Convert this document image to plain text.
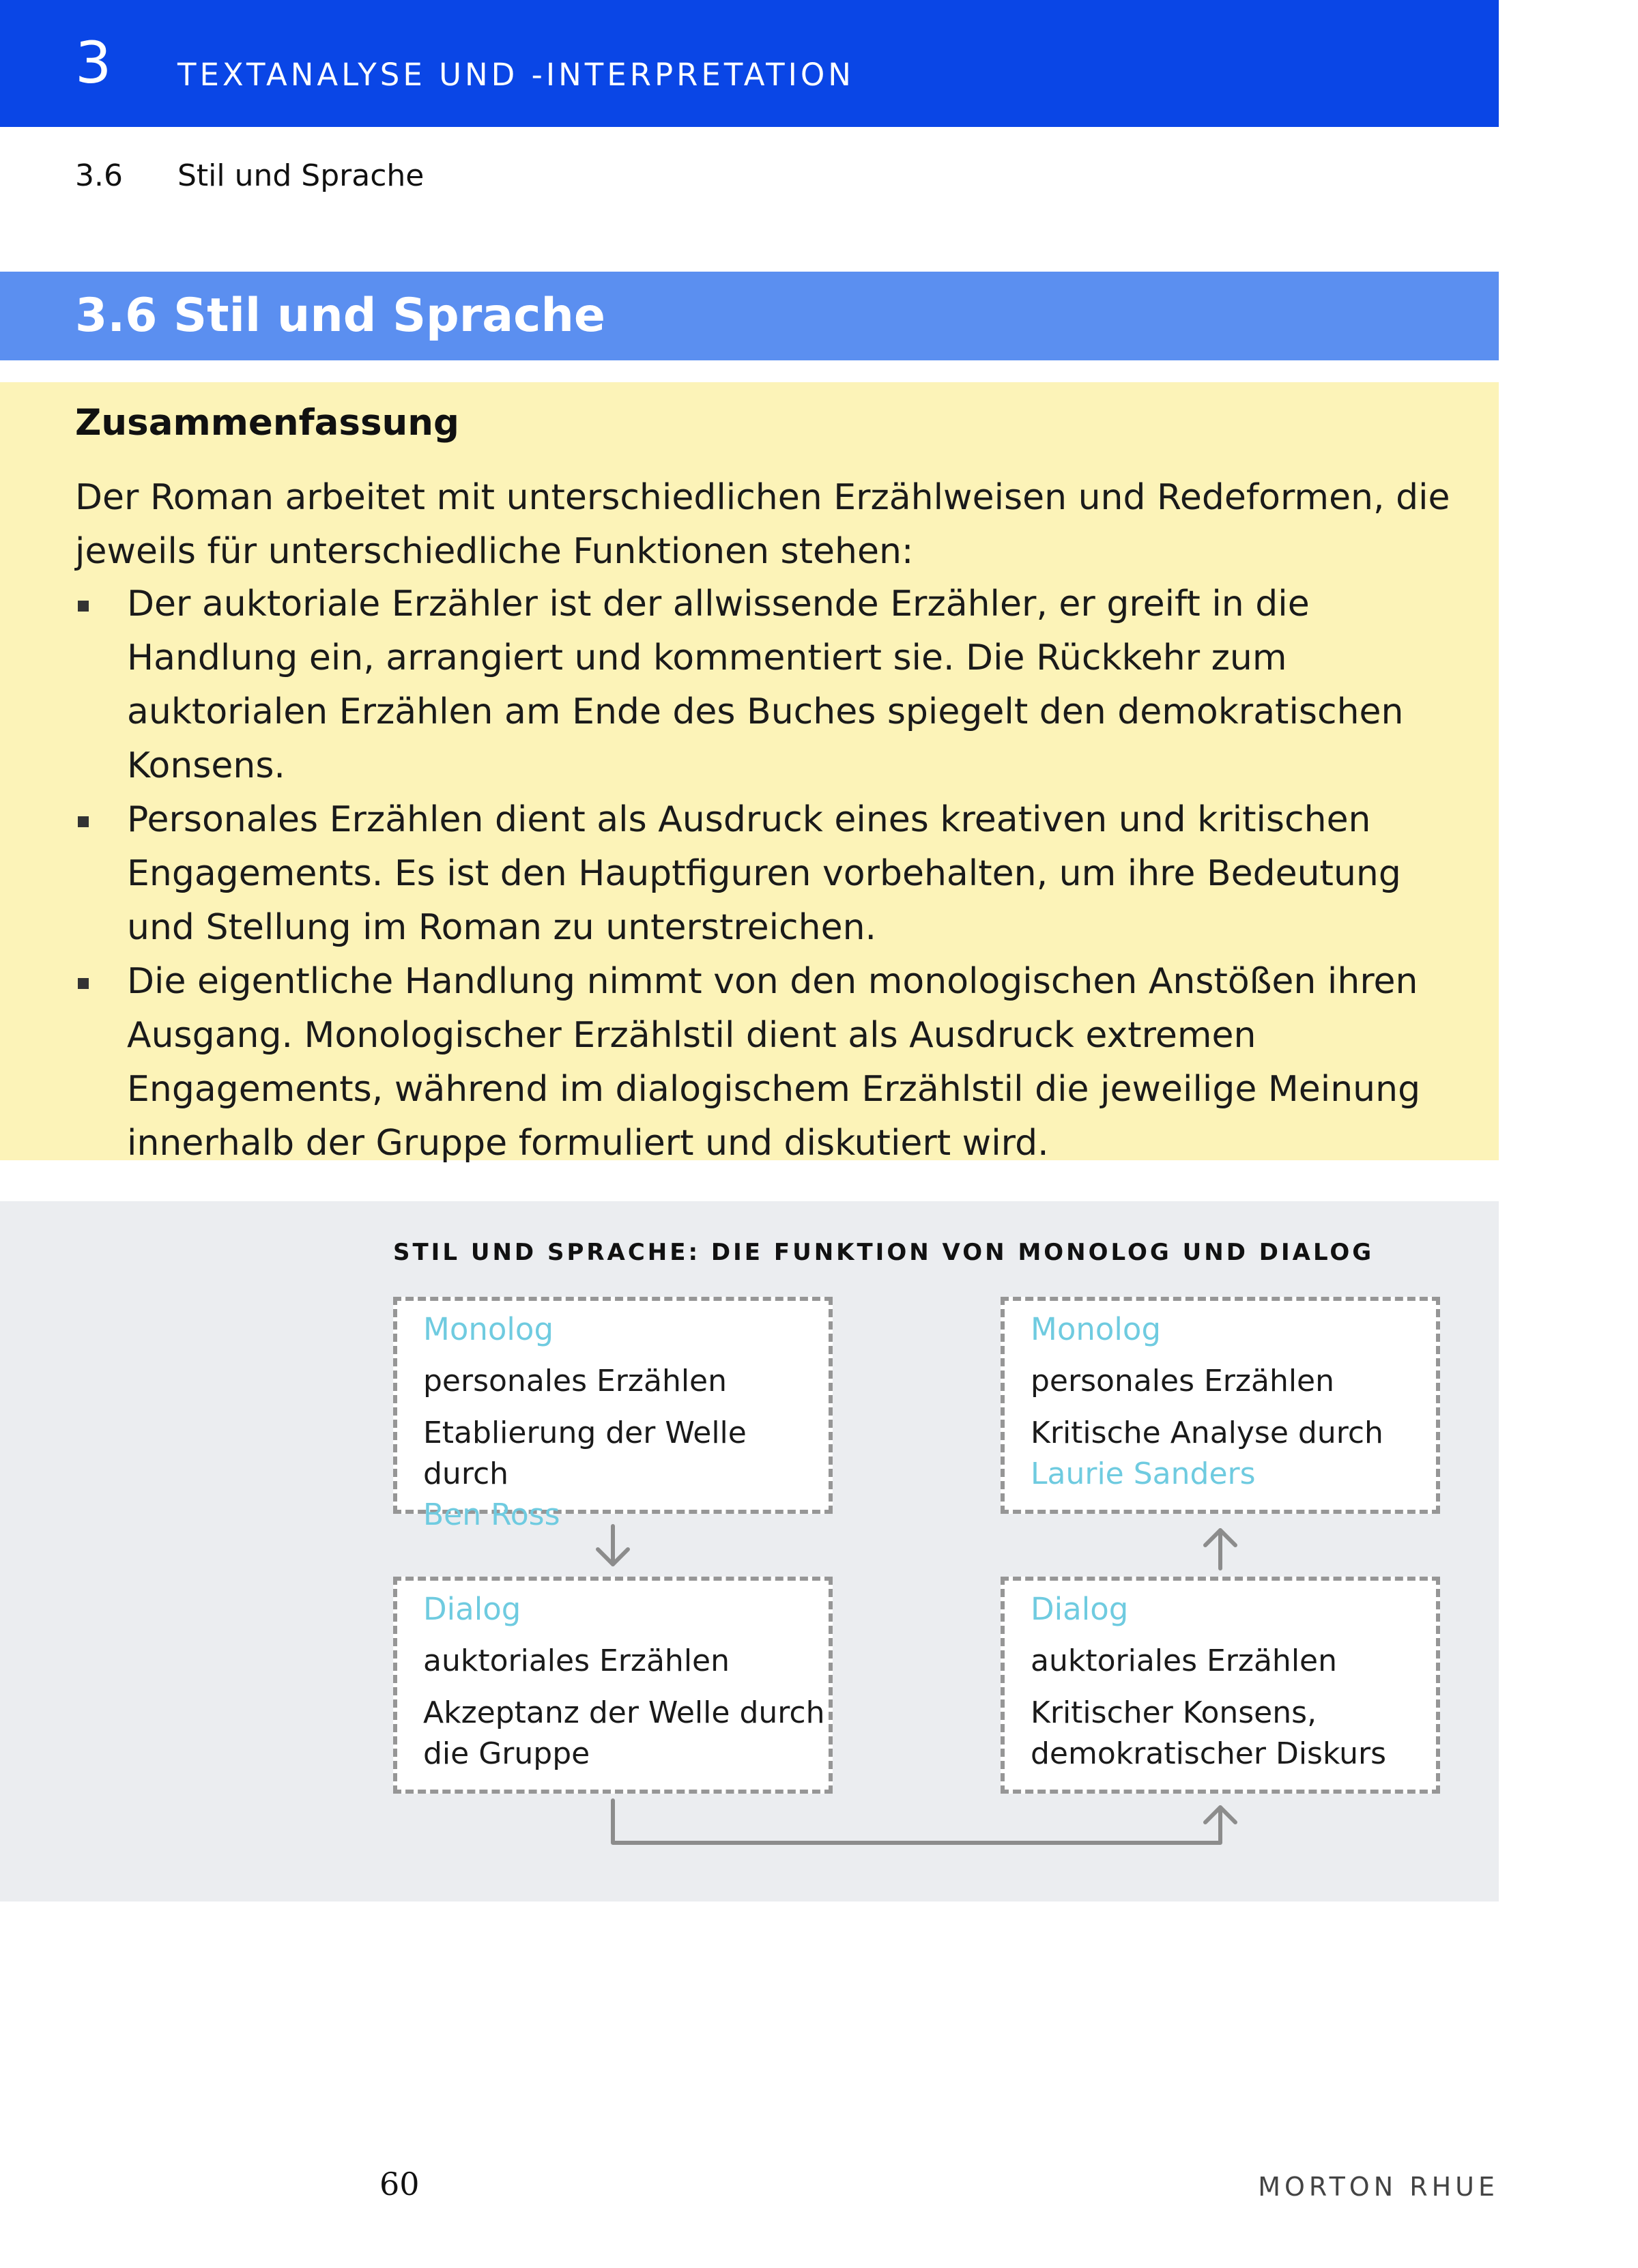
3 TEXTANALYSE UND -INTERPRETATION
3.6 Stil und Sprache
3.6 Stil und Sprache
Zusammenfassung

Der Roman arbeitet mit unterschiedlichen Erzählweisen und Redeformen, die jeweils für unterschiedliche Funktionen stehen:

Der auktoriale Erzähler ist der allwissende Erzähler, er greift in die Handlung ein, arrangiert und kommentiert sie. Die Rückkehr zum auktorialen Erzählen am Ende des Buches spiegelt den demokratischen Konsens.
Personales Erzählen dient als Ausdruck eines kreativen und kritischen Engagements. Es ist den Hauptfiguren vorbehalten, um ihre Bedeutung und Stellung im Roman zu unterstreichen.
Die eigentliche Handlung nimmt von den monologischen Anstößen ihren Ausgang. Monologischer Erzählstil dient als Ausdruck extremen Engagements, während im dialogischem Erzählstil die jeweilige Meinung innerhalb der Gruppe formuliert und diskutiert wird.
STIL UND SPRACHE: DIE FUNKTION VON MONOLOG UND DIALOG
Monolog
personales Erzählen
Etablierung der Welle durch
Ben Ross
Monolog
personales Erzählen
Kritische Analyse durch
Laurie Sanders
Dialog
auktoriales Erzählen
Akzeptanz der Welle durch
die Gruppe
Dialog
auktoriales Erzählen
Kritischer Konsens,
demokratischer Diskurs
60	MORTON RHUE
